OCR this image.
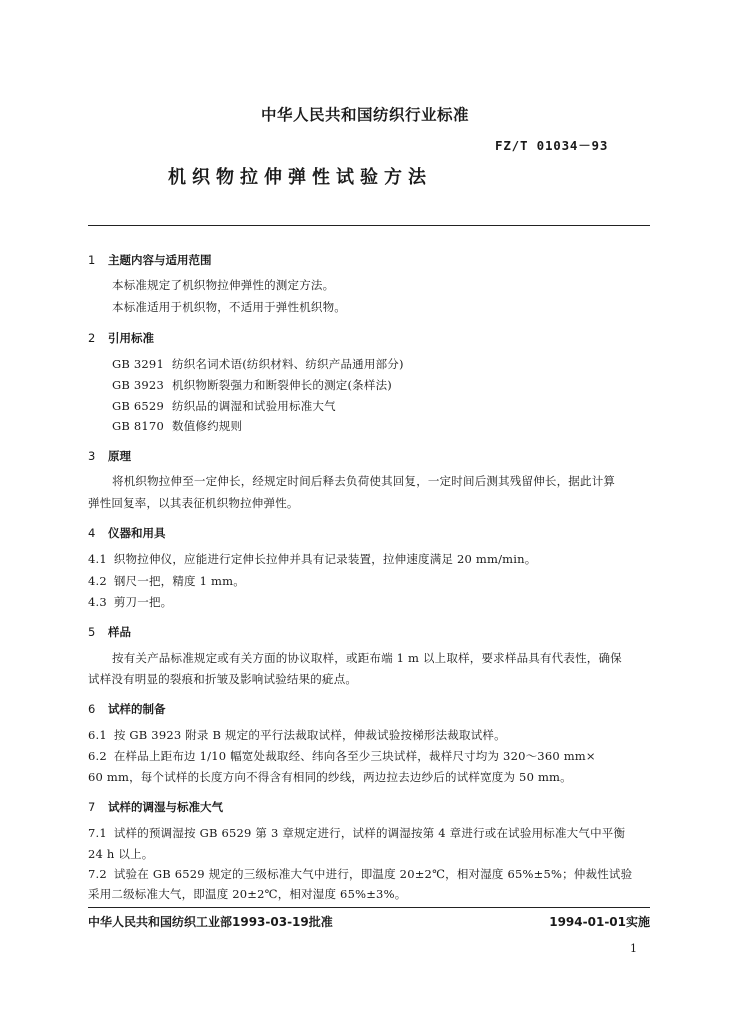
中华人民共和国纺织行业标准
FZ/T 01034－93
机织物拉伸弹性试验方法
1 主题内容与适用范围
本标准规定了机织物拉伸弹性的测定方法。
本标准适用于机织物，不适用于弹性机织物。
2 引用标准
GB 3291 纺织名词术语(纺织材料、纺织产品通用部分)
GB 3923 机织物断裂强力和断裂伸长的测定(条样法)
GB 6529 纺织品的调湿和试验用标准大气
GB 8170 数值修约规则
3 原理
将机织物拉伸至一定伸长，经规定时间后释去负荷使其回复，一定时间后测其残留伸长，据此计算
弹性回复率，以其表征机织物拉伸弹性。
4 仪器和用具
4.1 织物拉伸仪，应能进行定伸长拉伸并具有记录装置，拉伸速度满足 20 mm/min。
4.2 钢尺一把，精度 1 mm。
4.3 剪刀一把。
5 样品
按有关产品标准规定或有关方面的协议取样，或距布端 1 m 以上取样，要求样品具有代表性，确保
试样没有明显的裂痕和折皱及影响试验结果的疵点。
6 试样的制备
6.1 按 GB 3923 附录 B 规定的平行法裁取试样，伸裁试验按梯形法裁取试样。
6.2 在样品上距布边 1/10 幅宽处裁取经、纬向各至少三块试样，裁样尺寸均为 320～360 mm×
60 mm，每个试样的长度方向不得含有相同的纱线，两边拉去边纱后的试样宽度为 50 mm。
7 试样的调湿与标准大气
7.1 试样的预调湿按 GB 6529 第 3 章规定进行，试样的调湿按第 4 章进行或在试验用标准大气中平衡
24 h 以上。
7.2 试验在 GB 6529 规定的三级标准大气中进行，即温度 20±2℃，相对湿度 65%±5%；仲裁性试验
采用二级标准大气，即温度 20±2℃，相对湿度 65%±3%。
中华人民共和国纺织工业部1993-03-19批准	1994-01-01实施
1
